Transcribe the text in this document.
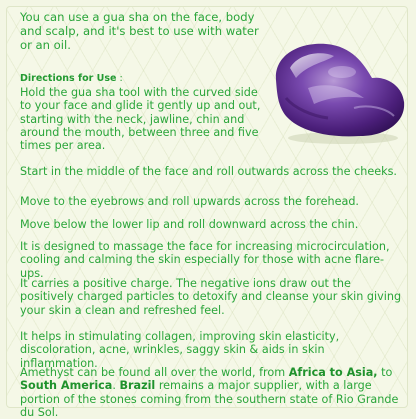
You can use a gua sha on the face, body and scalp, and it's best to use with water or an oil.

Directions for Use :

Hold the gua sha tool with the curved side to your face and glide it gently up and out, starting with the neck, jawline, chin and around the mouth, between three and five times per area.

Start in the middle of the face and roll outwards across the cheeks.

Move to the eyebrows and roll upwards across the forehead.

Move below the lower lip and roll downward across the chin.

It is designed to massage the face for increasing microcirculation, cooling and calming the skin especially for those with acne flare-ups.

It carries a positive charge. The negative ions draw out the positively charged particles to detoxify and cleanse your skin giving your skin a clean and refreshed feel.

It helps in stimulating collagen, improving skin elasticity, discoloration, acne, wrinkles, saggy skin & aids in skin inflammation.

Amethyst can be found all over the world, from Africa to Asia, to South America. Brazil remains a major supplier, with a large portion of the stones coming from the southern state of Rio Grande du Sol.
